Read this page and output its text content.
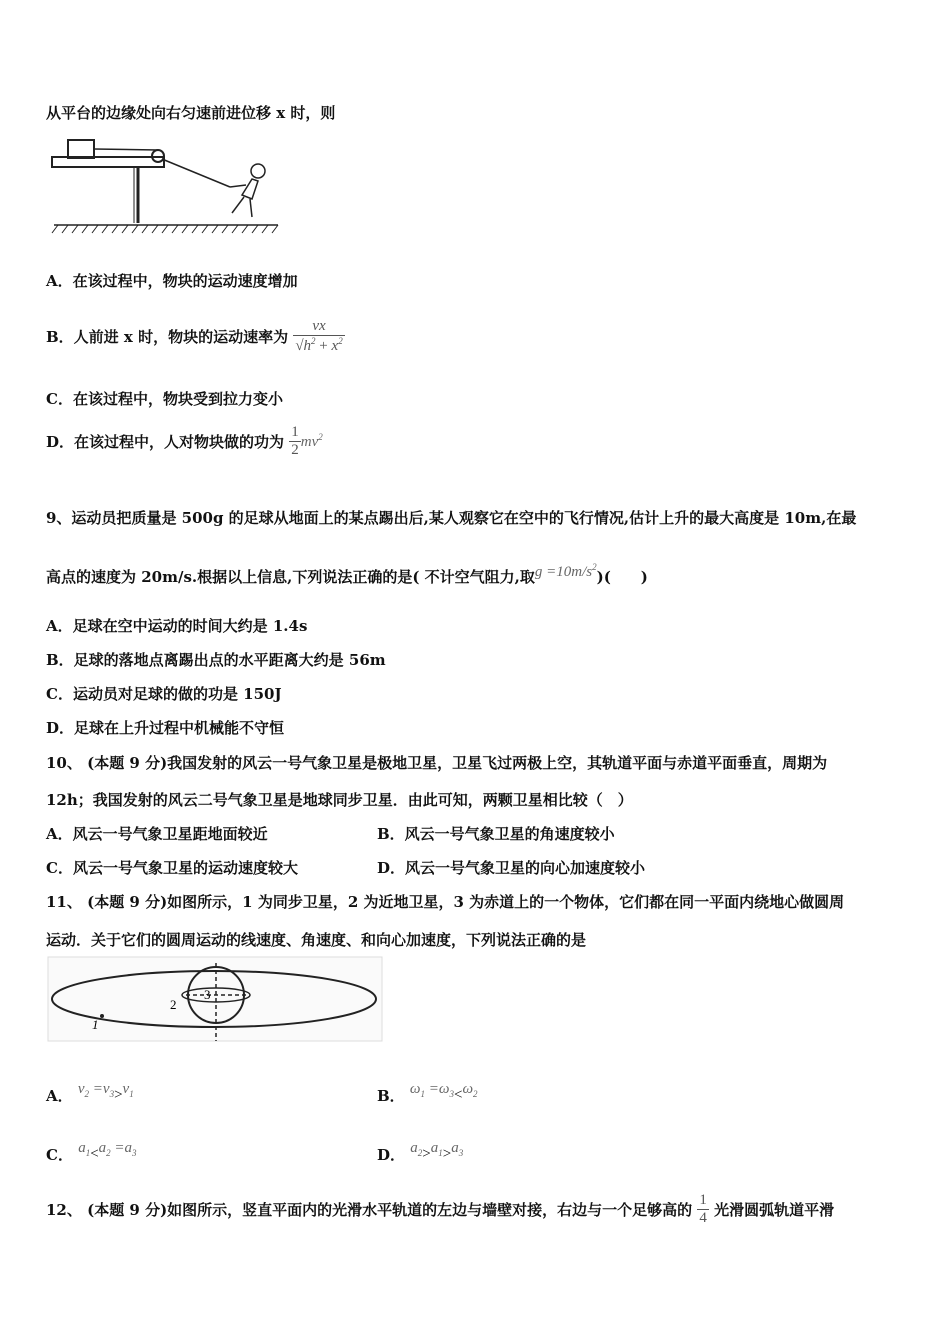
从平台的边缘处向右匀速前进位移 x 时，则
A．在该过程中，物块的运动速度增加
B．人前进 x 时，物块的运动速率为 $\frac{vx}{√h^2 + x^2}$
C．在该过程中，物块受到拉力变小
D．在该过程中，人对物块做的功为 $\frac{1}{2} mv^2$
9、运动员把质量是 500g 的足球从地面上的某点踢出后,某人观察它在空中的飞行情况,估计上升的最大高度是 10m,在最
高点的速度为 20m/s.根据以上信息,下列说法正确的是( 不计空气阻力,取$g =10m/s^2$)(　　)
A．足球在空中运动的时间大约是 1.4s
B．足球的落地点离踢出点的水平距离大约是 56m
C．运动员对足球的做的功是 150J
D．足球在上升过程中机械能不守恒
10、 (本题 9 分)我国发射的风云一号气象卫星是极地卫星，卫星飞过两极上空，其轨道平面与赤道平面垂直，周期为
12h；我国发射的风云二号气象卫星是地球同步卫星．由此可知，两颗卫星相比较（　）
A．风云一号气象卫星距地面较近	B．风云一号气象卫星的角速度较小
C．风云一号气象卫星的运动速度较大	D．风云一号气象卫星的向心加速度较小
11、 (本题 9 分)如图所示，1 为同步卫星，2 为近地卫星，3 为赤道上的一个物体，它们都在同一平面内绕地心做圆周
运动．关于它们的圆周运动的线速度、角速度、和向心加速度，下列说法正确的是
1
2
3
A． $v_2 =v_3>v_1$	B． $\omega_1 =\omega_3<\omega_2$
C． $a_1<a_2 =a_3$	D． $a_2>a_1>a_3$
12、 (本题 9 分)如图所示，竖直平面内的光滑水平轨道的左边与墙壁对接，右边与一个足够高的 $\frac{1}{4}$ 光滑圆弧轨道平滑
